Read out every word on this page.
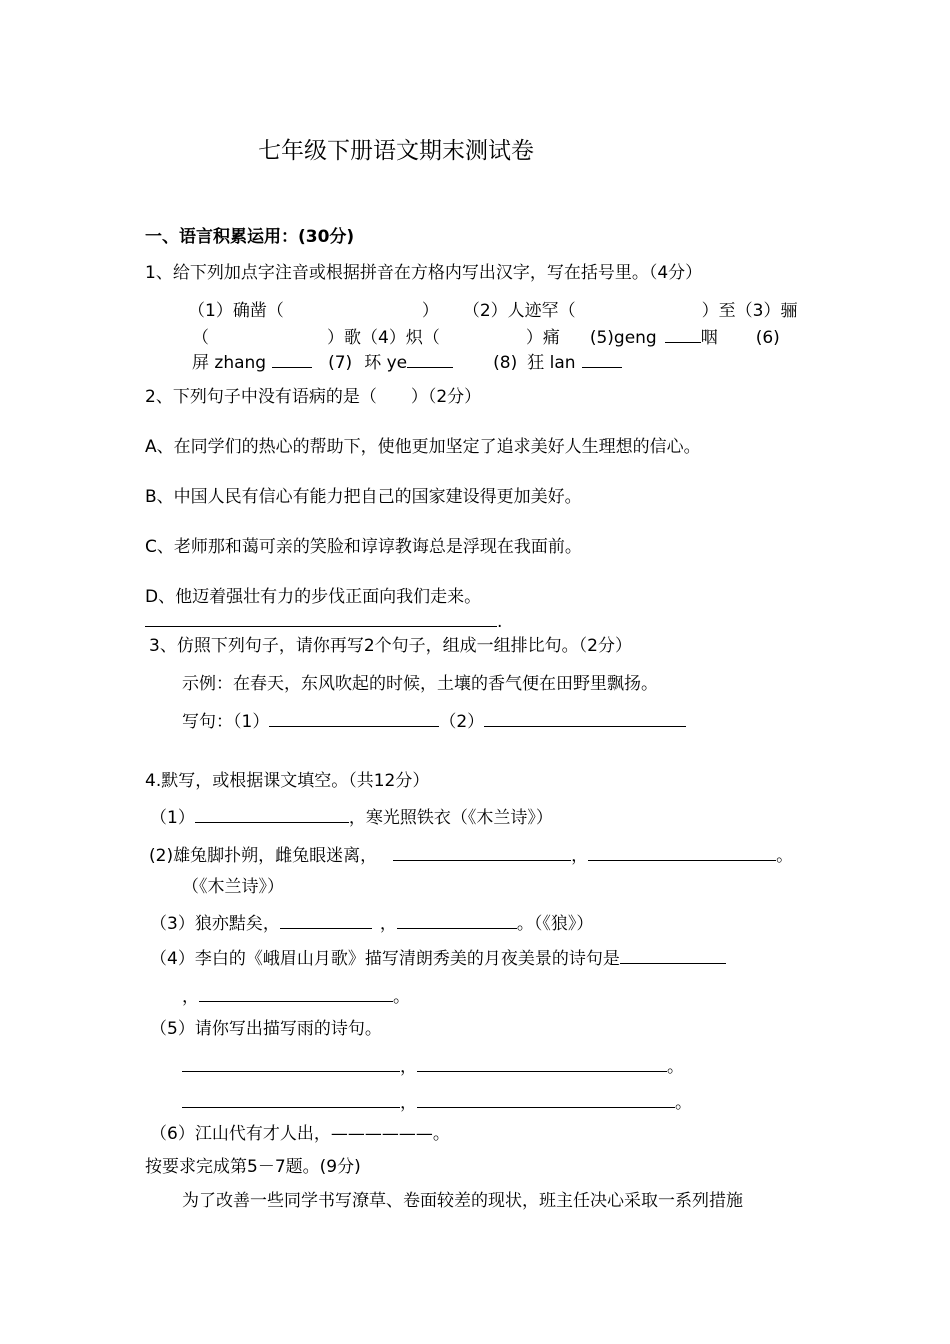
七年级下册语文期末测试卷
一、语言积累运用：(30分)
1、给下列加点字注音或根据拼音在方格内写出汉字，写在括号里。（4分）
（1）确凿（	） （2）人迹罕（	）至（3）骊
（	）歌（4）炽（	）痛 (5)geng	咽 (6)
屏 zhang	(7) 环 ye	(8) 狂 lan
2、下列句子中没有语病的是（　　）（2分）
A、在同学们的热心的帮助下，使他更加坚定了追求美好人生理想的信心。
B、中国人民有信心有能力把自己的国家建设得更加美好。
C、老师那和蔼可亲的笑脸和谆谆教诲总是浮现在我面前。
D、他迈着强壮有力的步伐正面向我们走来。
.
3、仿照下列句子，请你再写2个句子，组成一组排比句。（2分）
示例：在春天，东风吹起的时候，土壤的香气便在田野里飘扬。
写句：（1）	（2）
4.默写，或根据课文填空。（共12分）
（1）	，寒光照铁衣（《木兰诗》）
(2)雄兔脚扑朔，雌兔眼迷离，	，	。
（《木兰诗》）
（3）狼亦黠矣，	，	。（《狼》）
（4）李白的《峨眉山月歌》描写清朗秀美的月夜美景的诗句是
，	。
（5）请你写出描写雨的诗句。
，	。
，	。
（6）江山代有才人出，——————。
按要求完成第5－7题。(9分)
为了改善一些同学书写潦草、卷面较差的现状，班主任决心采取一系列措施
